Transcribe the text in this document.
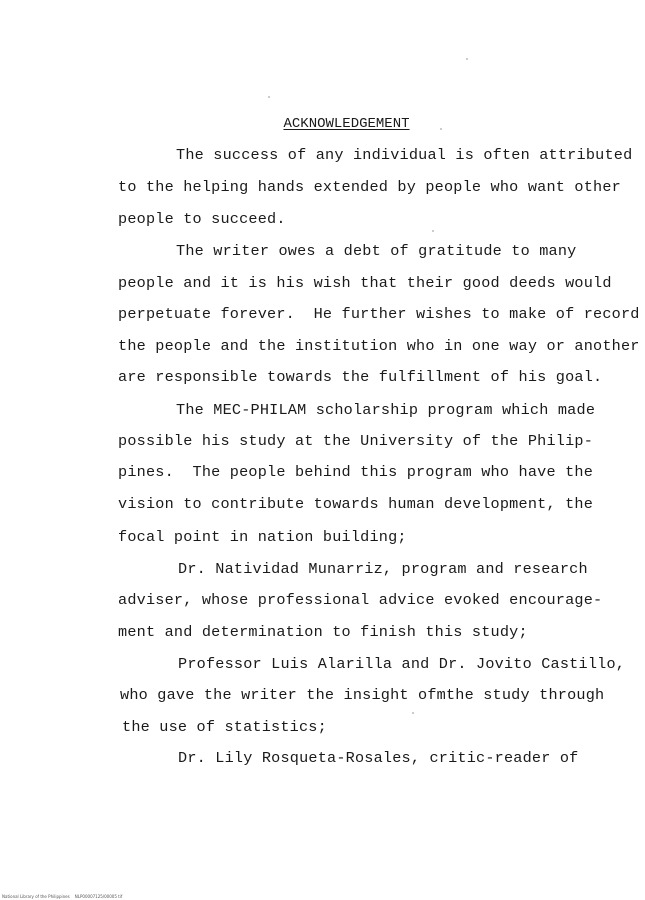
ACKNOWLEDGEMENT
The success of any individual is often attributed
to the helping hands extended by people who want other
people to succeed.
The writer owes a debt of gratitude to many
people and it is his wish that their good deeds would
perpetuate forever.  He further wishes to make of record
the people and the institution who in one way or another
are responsible towards the fulfillment of his goal.
The MEC-PHILAM scholarship program which made
possible his study at the University of the Philip-
pines.  The people behind this program who have the
vision to contribute towards human development, the
focal point in nation building;
Dr. Natividad Munarriz, program and research
adviser, whose professional advice evoked encourage-
ment and determination to finish this study;
Professor Luis Alarilla and Dr. Jovito Castillo,
who gave the writer the insight ofmthe study through
the use of statistics;
Dr. Lily Rosqueta-Rosales, critic-reader of
National Library of the Philippines    NLP00007125/00005 tif
